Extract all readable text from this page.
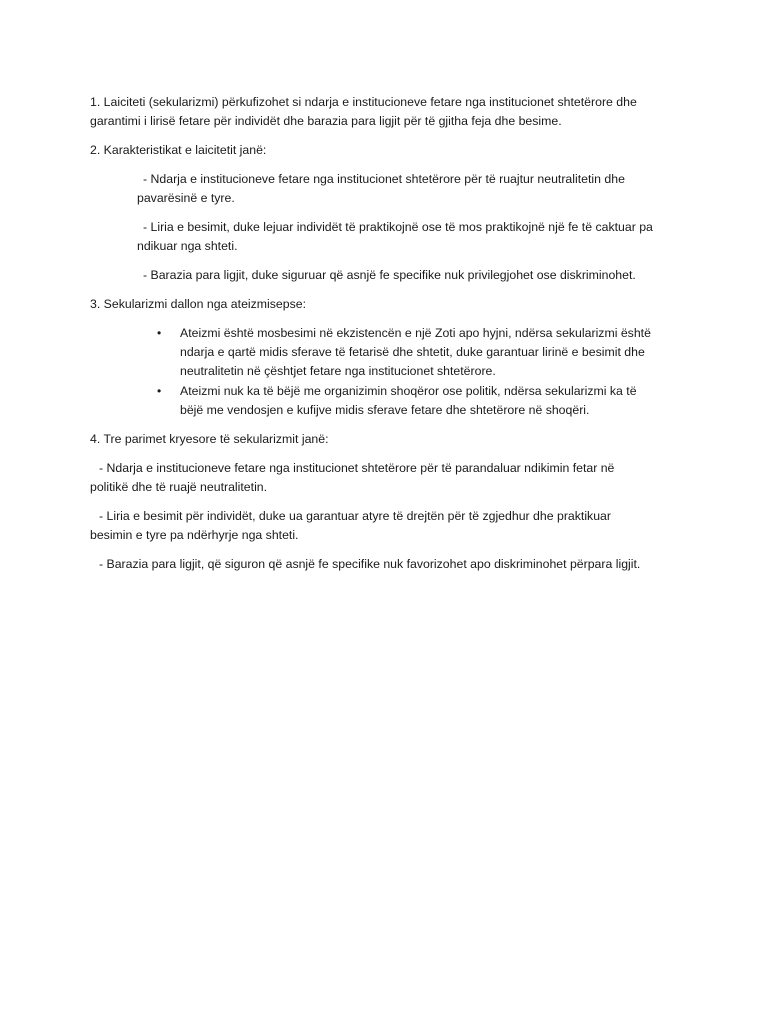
1. Laiciteti (sekularizmi) përkufizohet si ndarja e institucioneve fetare nga institucionet shtetërore dhe

garantimi i lirisë fetare për individët dhe barazia para ligjit për të gjitha feja dhe besime.

2. Karakteristikat e laicitetit janë:

- Ndarja e institucioneve fetare nga institucionet shtetërore për të ruajtur neutralitetin dhe

pavarësinë e tyre.

- Liria e besimit, duke lejuar individët të praktikojnë ose të mos praktikojnë një fe të caktuar pa

ndikuar nga shteti.

- Barazia para ligjit, duke siguruar që asnjë fe specifike nuk privilegjohet ose diskriminohet.

3. Sekularizmi dallon nga ateizmisepse:

• Ateizmi është mosbesimi në ekzistencën e një Zoti apo hyjni, ndërsa sekularizmi është

ndarja e qartë midis sferave të fetarisë dhe shtetit, duke garantuar lirinë e besimit dhe

neutralitetin në çështjet fetare nga institucionet shtetërore.

• Ateizmi nuk ka të bëjë me organizimin shoqëror ose politik, ndërsa sekularizmi ka të

bëjë me vendosjen e kufijve midis sferave fetare dhe shtetërore në shoqëri.

4. Tre parimet kryesore të sekularizmit janë:

- Ndarja e institucioneve fetare nga institucionet shtetërore për të parandaluar ndikimin fetar në

politikë dhe të ruajë neutralitetin.

- Liria e besimit për individët, duke ua garantuar atyre të drejtën për të zgjedhur dhe praktikuar

besimin e tyre pa ndërhyrje nga shteti.

- Barazia para ligjit, që siguron që asnjë fe specifike nuk favorizohet apo diskriminohet përpara ligjit.
